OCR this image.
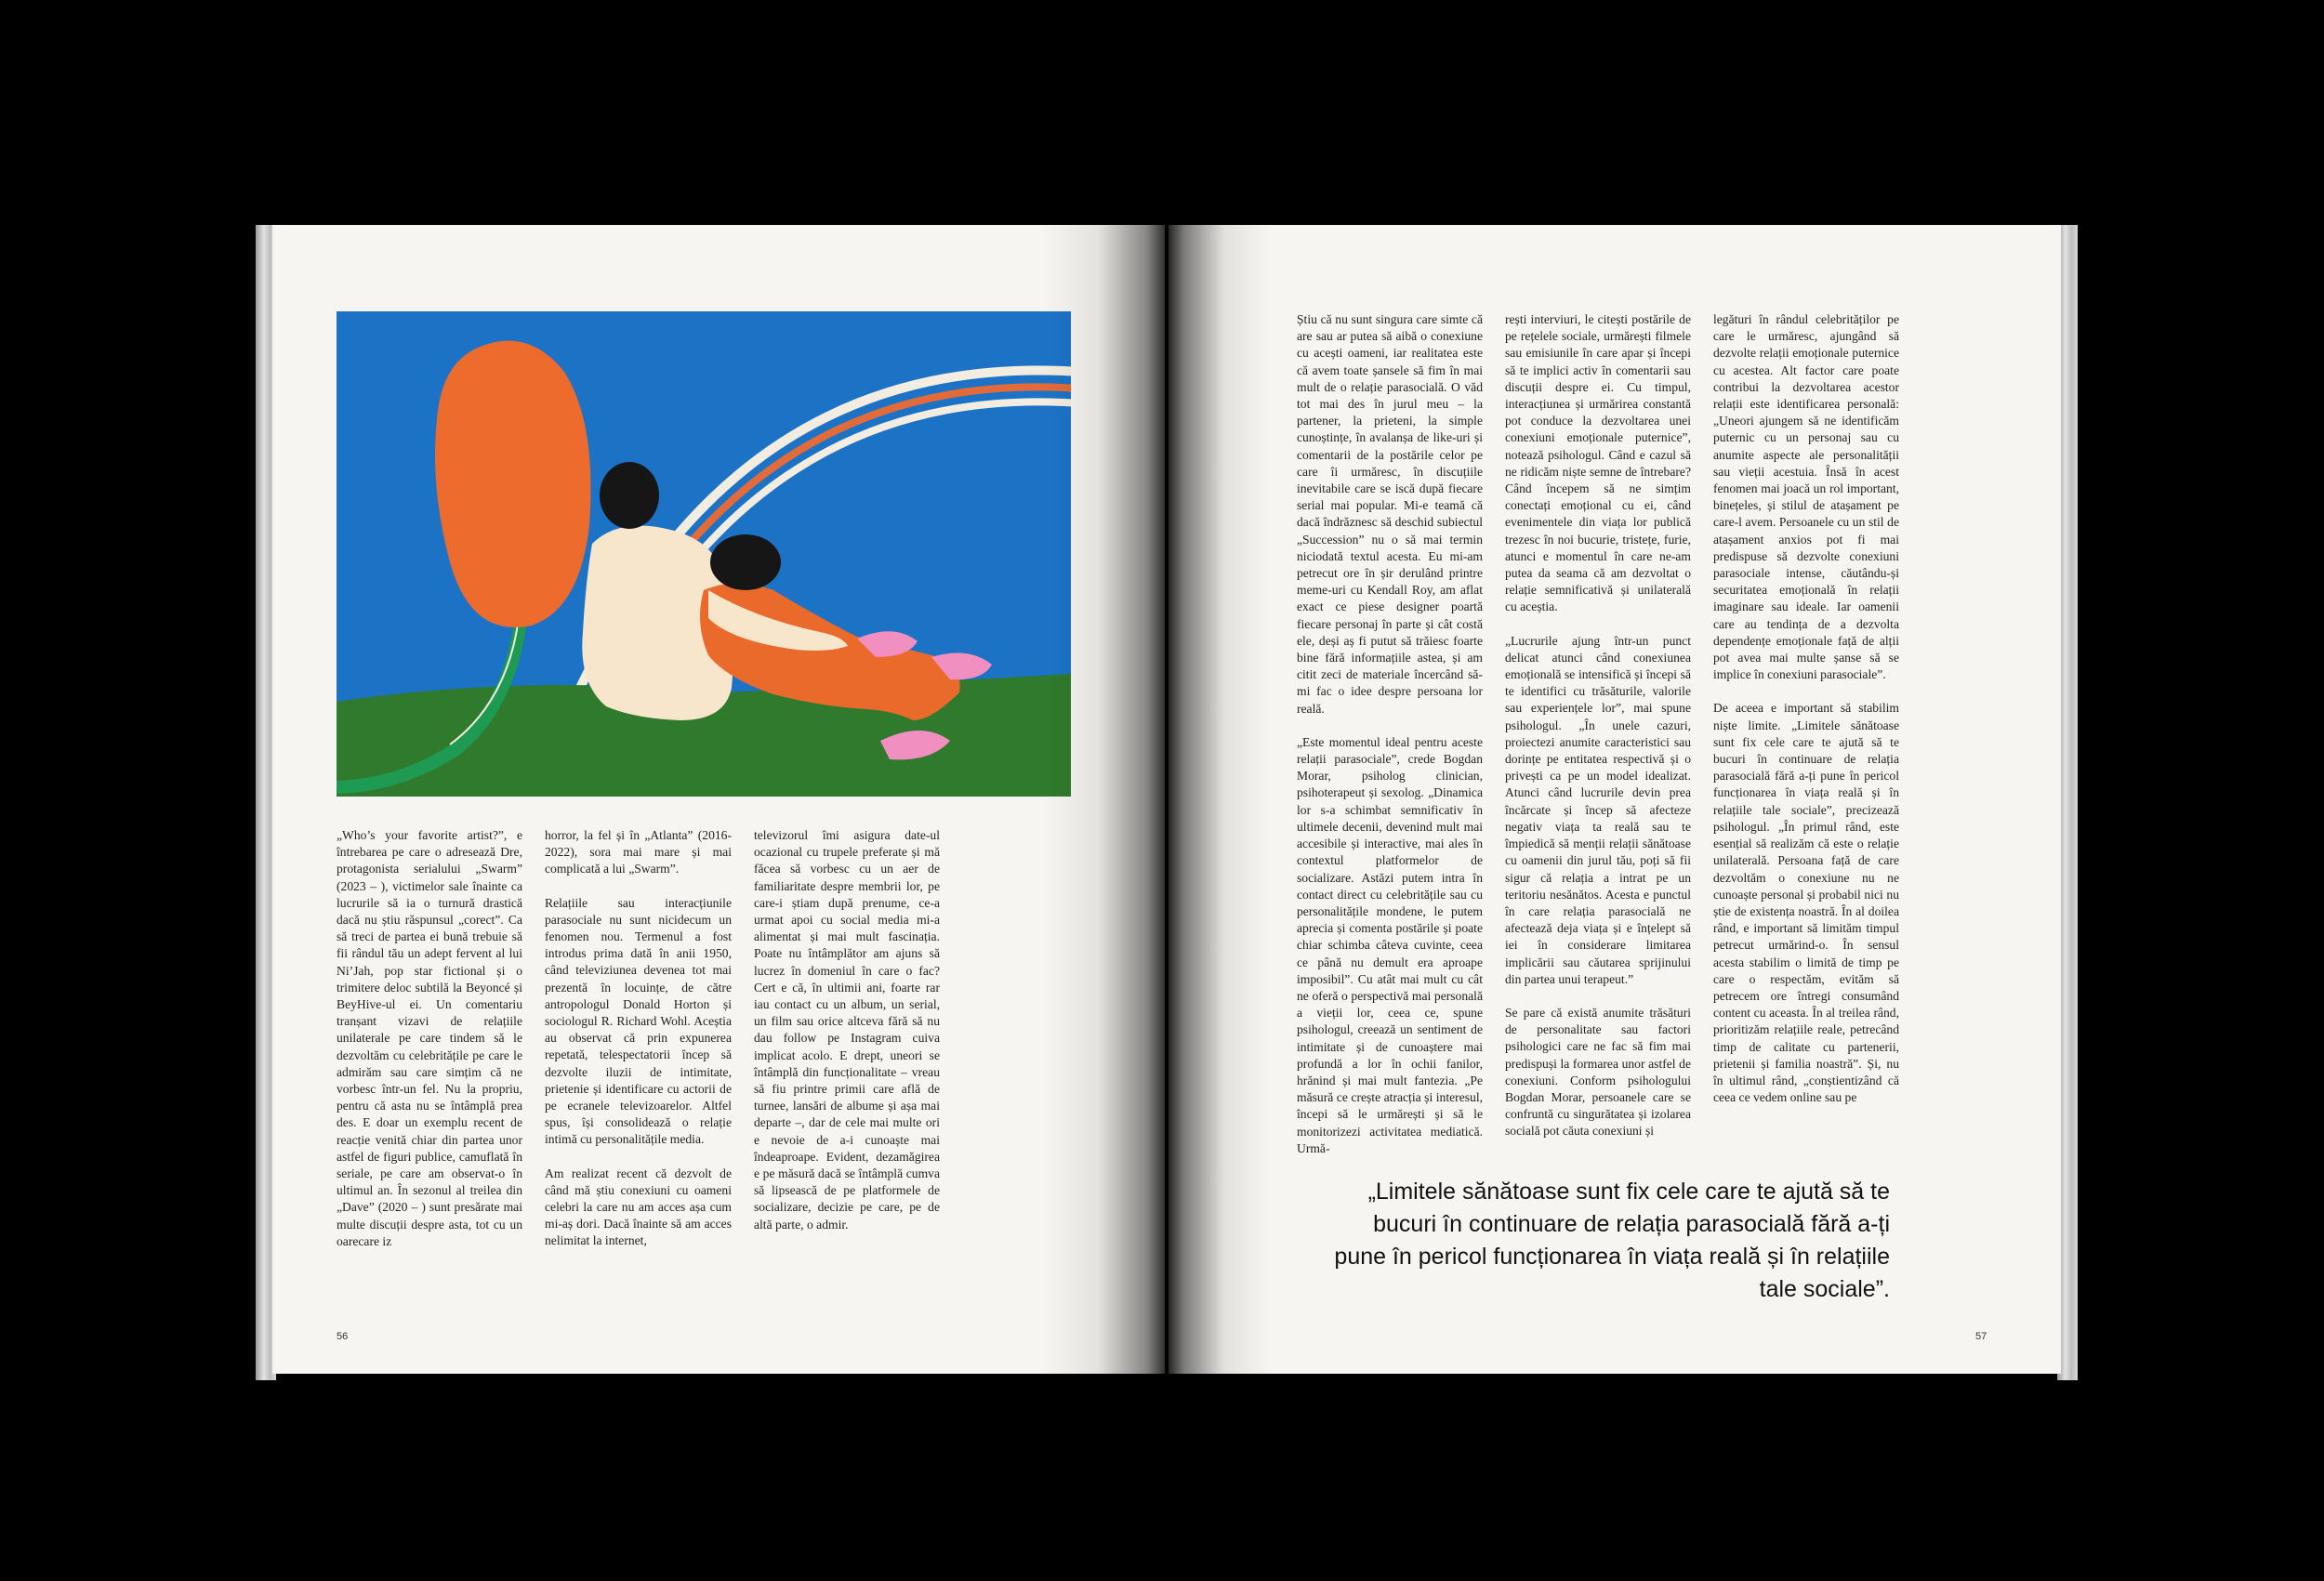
„Who’s your favorite artist?”, e întrebarea pe care o adresează Dre, protagonista serialului „Swarm” (2023 – ), victimelor sale înainte ca lucrurile să ia o turnură drastică dacă nu știu răspunsul „corect”. Ca să treci de partea ei bună trebuie să fii rândul tău un adept fervent al lui Ni’Jah, pop star fictional și o trimitere deloc subtilă la Beyoncé și BeyHive-ul ei. Un comentariu tranșant vizavi de relațiile unilaterale pe care tindem să le dezvoltăm cu celebritățile pe care le admirăm sau care simțim că ne vorbesc într-un fel. Nu la propriu, pentru că asta nu se întâmplă prea des. E doar un exemplu recent de reacție venită chiar din partea unor astfel de figuri publice, camuflată în seriale, pe care am observat-o în ultimul an. În sezonul al treilea din „Dave” (2020 – ) sunt presărate mai multe discuții despre asta, tot cu un oarecare iz

horror, la fel și în „Atlanta” (2016-2022), sora mai mare și mai complicată a lui „Swarm”.

Relațiile sau interacțiunile parasociale nu sunt nicidecum un fenomen nou. Termenul a fost introdus prima dată în anii 1950, când televiziunea devenea tot mai prezentă în locuințe, de către antropologul Donald Horton și sociologul R. Richard Wohl. Aceștia au observat că prin expunerea repetată, telespectatorii încep să dezvolte iluzii de intimitate, prietenie și identificare cu actorii de pe ecranele televizoarelor. Altfel spus, își consolidează o relație intimă cu personalitățile media.

Am realizat recent că dezvolt de când mă știu conexiuni cu oameni celebri la care nu am acces așa cum mi-aș dori. Dacă înainte să am acces nelimitat la internet,

televizorul îmi asigura date-ul ocazional cu trupele preferate și mă făcea să vorbesc cu un aer de familiaritate despre membrii lor, pe care-i știam după prenume, ce-a urmat apoi cu social media mi-a alimentat și mai mult fascinația. Poate nu întâmplător am ajuns să lucrez în domeniul în care o fac? Cert e că, în ultimii ani, foarte rar iau contact cu un album, un serial, un film sau orice altceva fără să nu dau follow pe Instagram cuiva implicat acolo. E drept, uneori se întâmplă din funcționalitate – vreau să fiu printre primii care află de turnee, lansări de albume și așa mai departe –, dar de cele mai multe ori e nevoie de a-i cunoaște mai îndeaproape. Evident, dezamăgirea e pe măsură dacă se întâmplă cumva să lipsească de pe platformele de socializare, decizie pe care, pe de altă parte, o admir.

56

Știu că nu sunt singura care simte că are sau ar putea să aibă o conexiune cu acești oameni, iar realitatea este că avem toate șansele să fim în mai mult de o relație parasocială. O văd tot mai des în jurul meu – la partener, la prieteni, la simple cunoștințe, în avalanșa de like-uri și comentarii de la postările celor pe care îi urmăresc, în discuțiile inevitabile care se iscă după fiecare serial mai popular. Mi-e teamă că dacă îndrăznesc să deschid subiectul „Succession” nu o să mai termin niciodată textul acesta. Eu mi-am petrecut ore în șir derulând printre meme-uri cu Kendall Roy, am aflat exact ce piese designer poartă fiecare personaj în parte și cât costă ele, deși aș fi putut să trăiesc foarte bine fără informațiile astea, și am citit zeci de materiale încercând să-mi fac o idee despre persoana lor reală.

„Este momentul ideal pentru aceste relații parasociale”, crede Bogdan Morar, psiholog clinician, psihoterapeut și sexolog. „Dinamica lor s-a schimbat semnificativ în ultimele decenii, devenind mult mai accesibile și interactive, mai ales în contextul platformelor de socializare. Astăzi putem intra în contact direct cu celebritățile sau cu personalitățile mondene, le putem aprecia și comenta postările și poate chiar schimba câteva cuvinte, ceea ce până nu demult era aproape imposibil”. Cu atât mai mult cu cât ne oferă o perspectivă mai personală a vieții lor, ceea ce, spune psihologul, creează un sentiment de intimitate și de cunoaștere mai profundă a lor în ochii fanilor, hrănind și mai mult fantezia. „Pe măsură ce crește atracția și interesul, începi să le urmărești și să le monitorizezi activitatea mediatică. Urmă-

rești interviuri, le citești postările de pe rețelele sociale, urmărești filmele sau emisiunile în care apar și începi să te implici activ în comentarii sau discuții despre ei. Cu timpul, interacțiunea și urmărirea constantă pot conduce la dezvoltarea unei conexiuni emoționale puternice”, notează psihologul. Când e cazul să ne ridicăm niște semne de întrebare? Când începem să ne simțim conectați emoțional cu ei, când evenimentele din viața lor publică trezesc în noi bucurie, tristețe, furie, atunci e momentul în care ne-am putea da seama că am dezvoltat o relație semnificativă și unilaterală cu aceștia.

„Lucrurile ajung într-un punct delicat atunci când conexiunea emoțională se intensifică și începi să te identifici cu trăsăturile, valorile sau experiențele lor”, mai spune psihologul. „În unele cazuri, proiectezi anumite caracteristici sau dorințe pe entitatea respectivă și o privești ca pe un model idealizat. Atunci când lucrurile devin prea încărcate și încep să afecteze negativ viața ta reală sau te împiedică să menții relații sănătoase cu oamenii din jurul tău, poți să fii sigur că relația a intrat pe un teritoriu nesănătos. Acesta e punctul în care relația parasocială ne afectează deja viața și e înțelept să iei în considerare limitarea implicării sau căutarea sprijinului din partea unui terapeut.”

Se pare că există anumite trăsături de personalitate sau factori psihologici care ne fac să fim mai predispuși la formarea unor astfel de conexiuni. Conform psihologului Bogdan Morar, persoanele care se confruntă cu singurătatea și izolarea socială pot căuta conexiuni și

legături în rândul celebrităților pe care le urmăresc, ajungând să dezvolte relații emoționale puternice cu acestea. Alt factor care poate contribui la dezvoltarea acestor relații este identificarea personală: „Uneori ajungem să ne identificăm puternic cu un personaj sau cu anumite aspecte ale personalității sau vieții acestuia. Însă în acest fenomen mai joacă un rol important, binețeles, și stilul de atașament pe care-l avem. Persoanele cu un stil de atașament anxios pot fi mai predispuse să dezvolte conexiuni parasociale intense, căutându-și securitatea emoțională în relații imaginare sau ideale. Iar oamenii care au tendința de a dezvolta dependențe emoționale față de alții pot avea mai multe șanse să se implice în conexiuni parasociale”.

De aceea e important să stabilim niște limite. „Limitele sănătoase sunt fix cele care te ajută să te bucuri în continuare de relația parasocială fără a-ți pune în pericol funcționarea în viața reală și în relațiile tale sociale”, precizează psihologul. „În primul rând, este esențial să realizăm că este o relație unilaterală. Persoana față de care dezvoltăm o conexiune nu ne cunoaște personal și probabil nici nu știe de existența noastră. În al doilea rând, e important să limităm timpul petrecut urmărind-o. În sensul acesta stabilim o limită de timp pe care o respectăm, evităm să petrecem ore întregi consumând content cu aceasta. În al treilea rând, prioritizăm relațiile reale, petrecând timp de calitate cu partenerii, prietenii și familia noastră”. Și, nu în ultimul rând, „conștientizând că ceea ce vedem online sau pe

„Limitele sănătoase sunt fix cele care te ajută să te bucuri în continuare de relația parasocială fără a-ți pune în pericol funcționarea în viața reală și în relațiile tale sociale”.
57
